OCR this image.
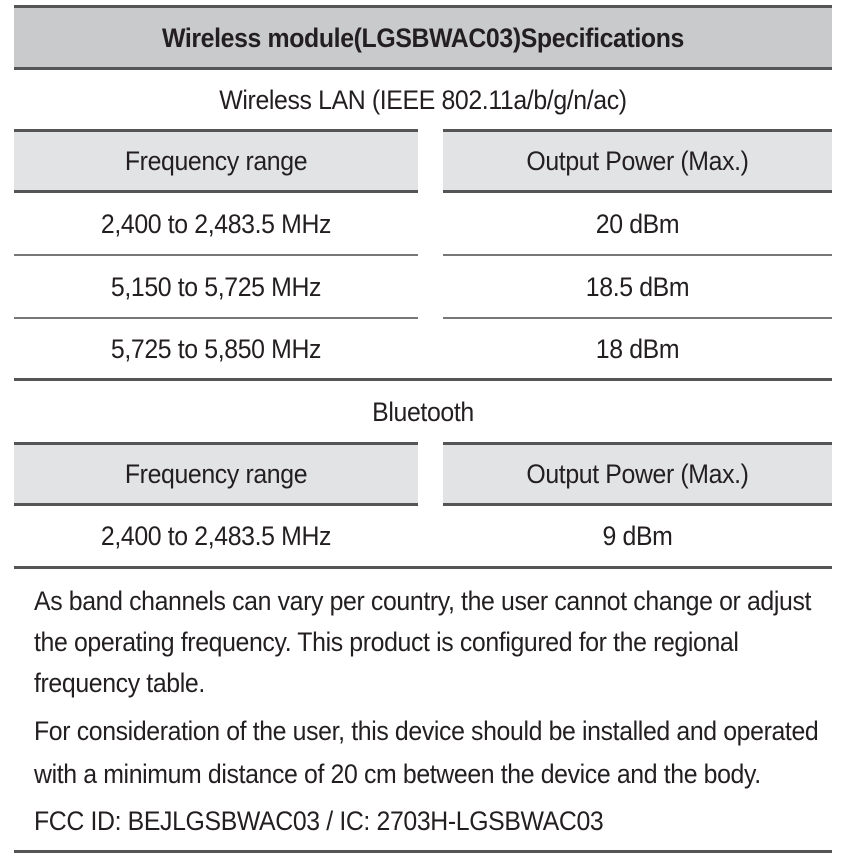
Wireless module(LGSBWAC03)Specifications
Wireless LAN (IEEE 802.11a/b/g/n/ac)
Frequency range	Output Power (Max.)
2,400 to 2,483.5 MHz	20 dBm
5,150 to 5,725 MHz	18.5 dBm
5,725 to 5,850 MHz	18 dBm
Bluetooth
Frequency range	Output Power (Max.)
2,400 to 2,483.5 MHz	9 dBm
As band channels can vary per country, the user cannot change or adjust
the operating frequency. This product is configured for the regional
frequency table.
For consideration of the user, this device should be installed and operated
with a minimum distance of 20 cm between the device and the body.
FCC ID: BEJLGSBWAC03 / IC: 2703H-LGSBWAC03
